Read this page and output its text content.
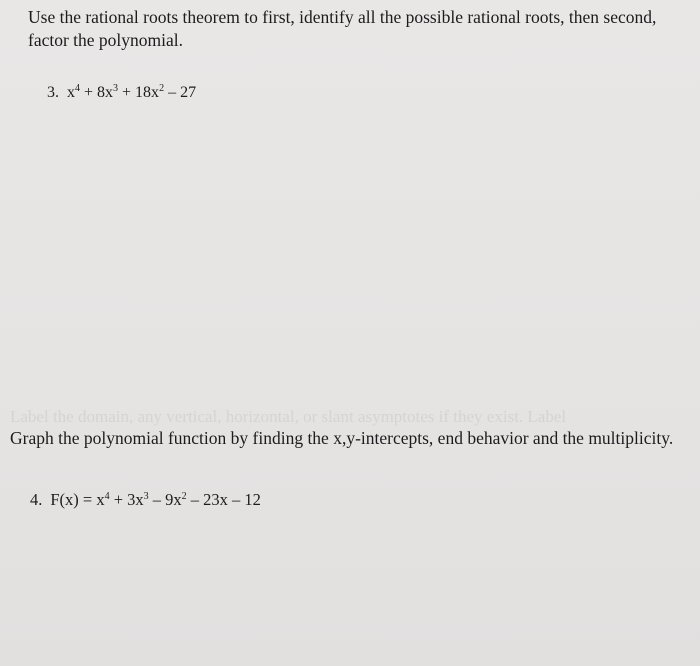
Use the rational roots theorem to first, identify all the possible rational roots, then second, factor the polynomial.

3. $x^4 + 8x^3 + 18x^2 - 27$

Label the domain, any vertical, horizontal, or slant asymptotes if they exist. Label

Graph the polynomial function by finding the x,y-intercepts, end behavior and the multiplicity.

4. $F(x) = x^4 + 3x^3 - 9x^2 - 23x - 12$
